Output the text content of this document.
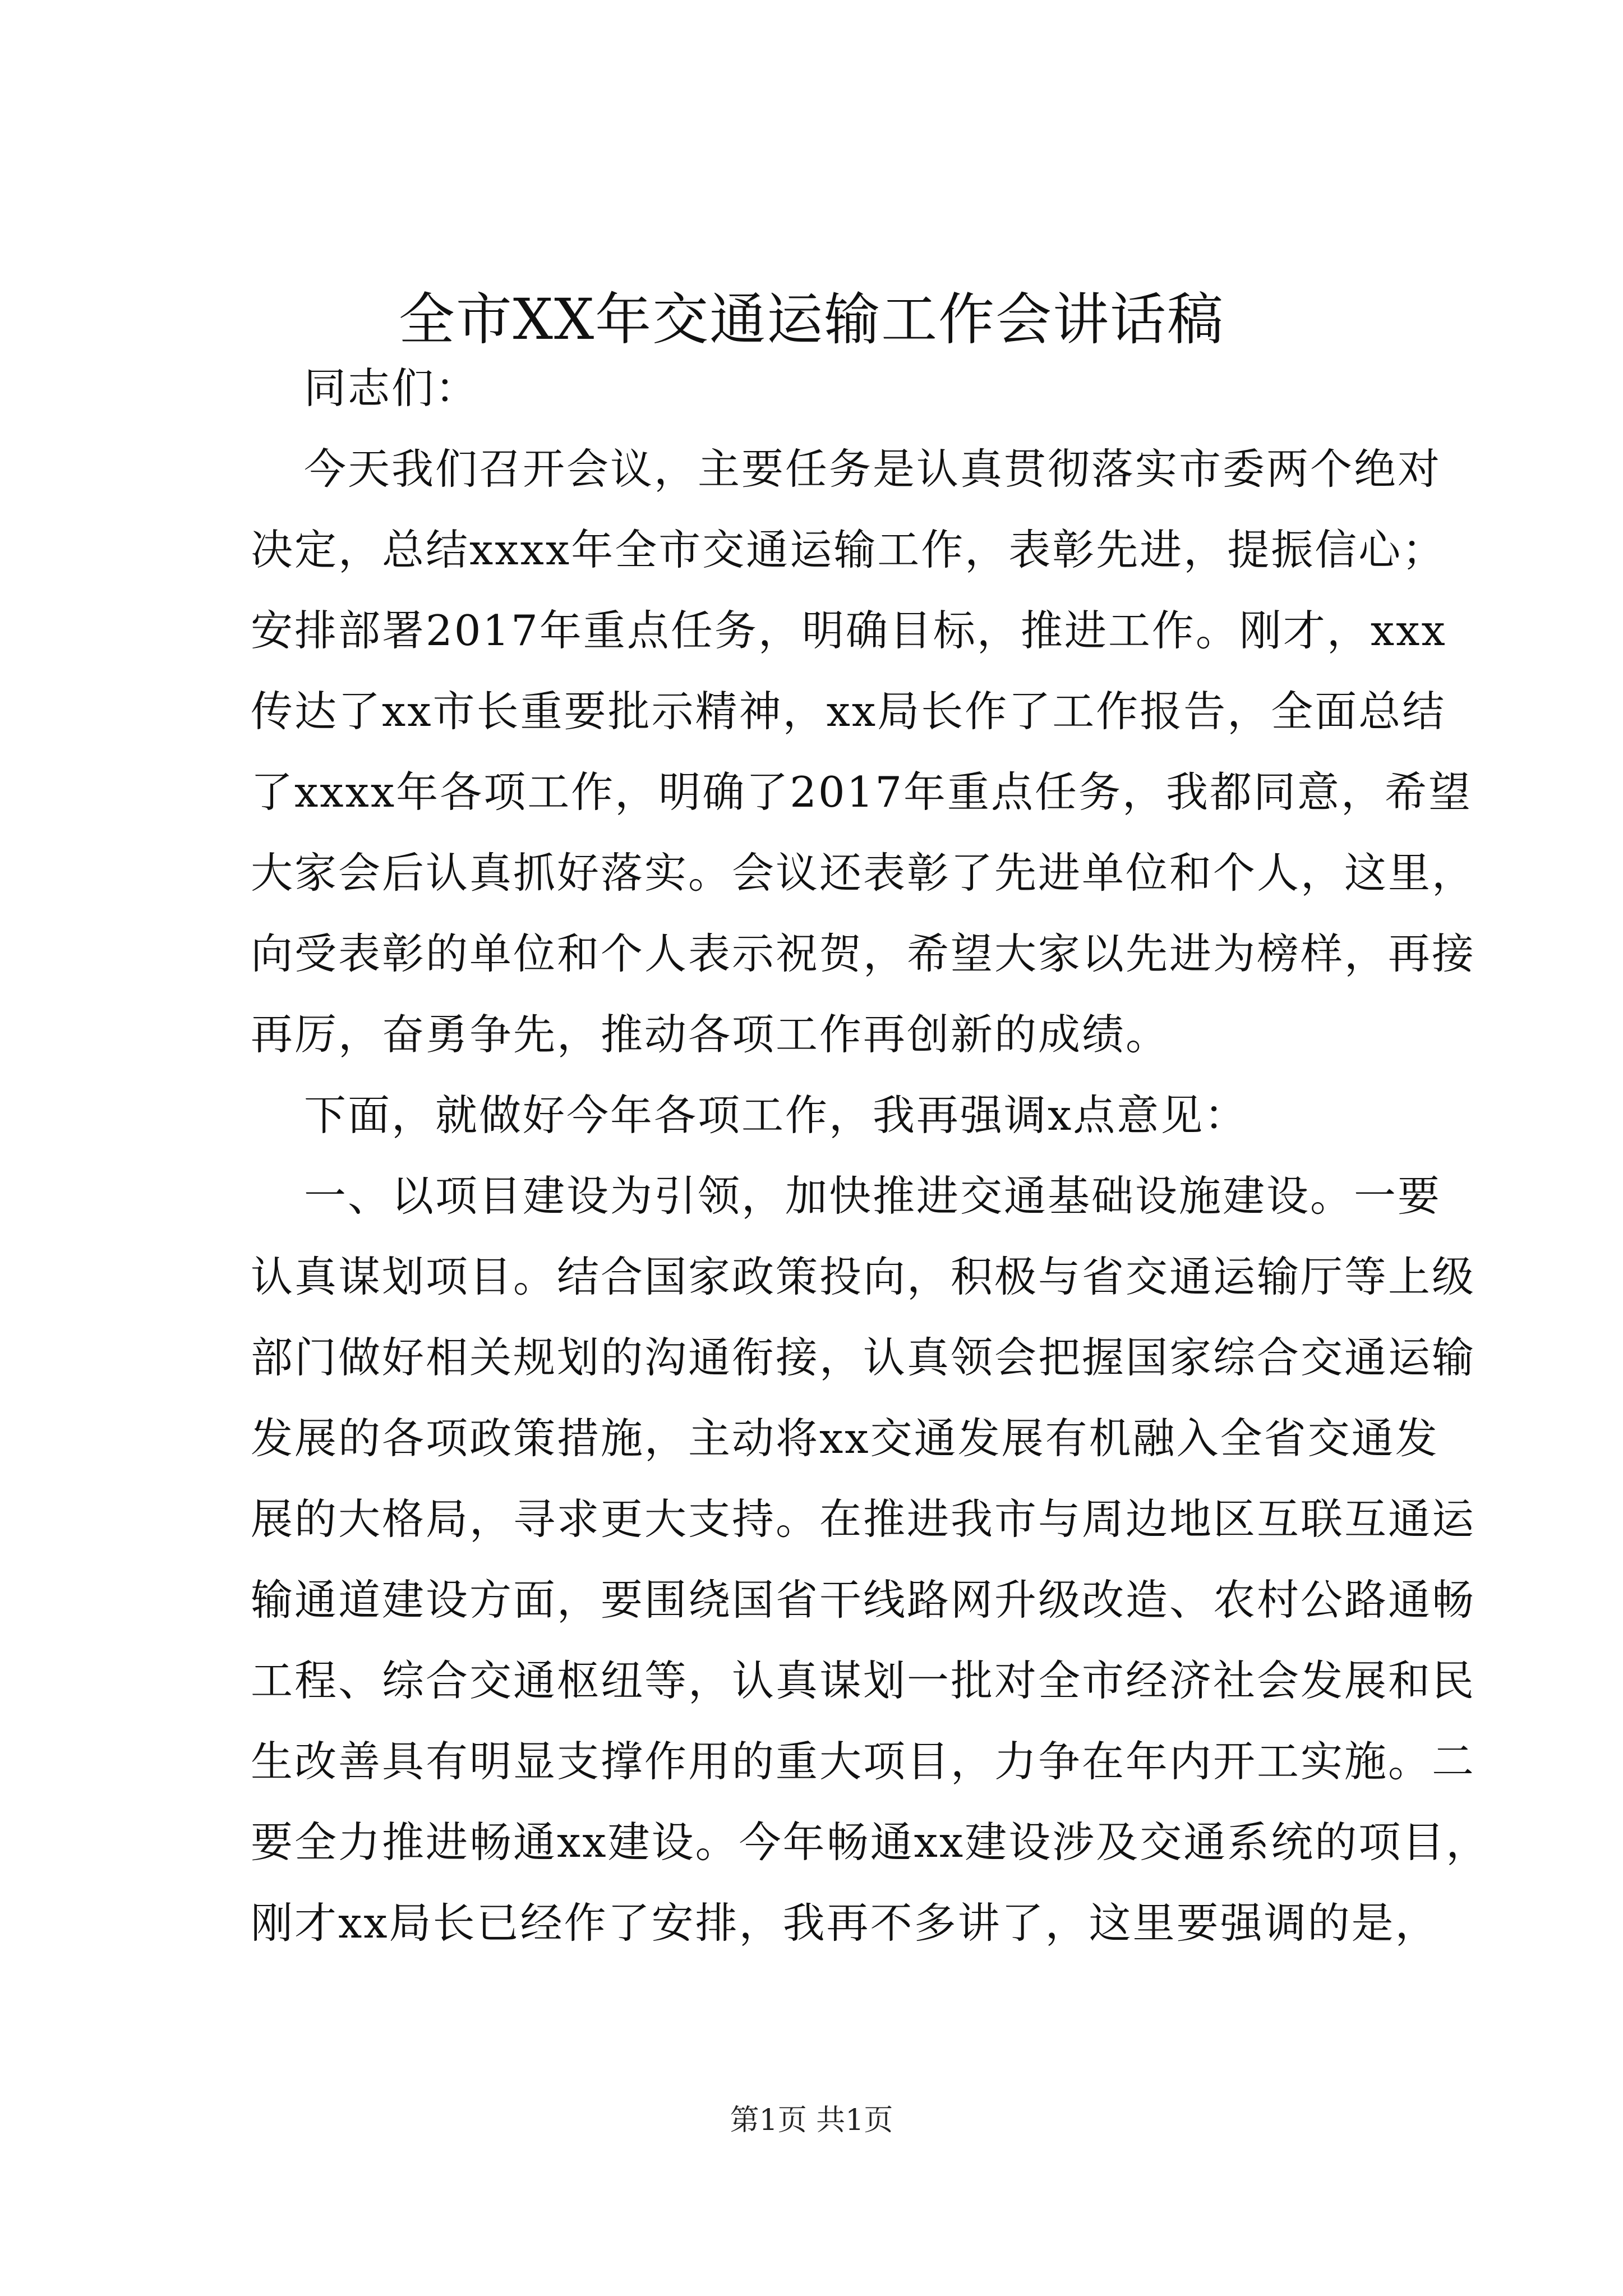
全市XX年交通运输工作会讲话稿
同志们：
今天我们召开会议，主要任务是认真贯彻落实市委两个绝对
决定，总结xxxx年全市交通运输工作，表彰先进，提振信心；
安排部署2017年重点任务，明确目标，推进工作。刚才，xxx
传达了xx市长重要批示精神，xx局长作了工作报告，全面总结
了xxxx年各项工作，明确了2017年重点任务，我都同意，希望
大家会后认真抓好落实。会议还表彰了先进单位和个人，这里，
向受表彰的单位和个人表示祝贺，希望大家以先进为榜样，再接
再厉，奋勇争先，推动各项工作再创新的成绩。
下面，就做好今年各项工作，我再强调x点意见：
一、以项目建设为引领，加快推进交通基础设施建设。一要
认真谋划项目。结合国家政策投向，积极与省交通运输厅等上级
部门做好相关规划的沟通衔接，认真领会把握国家综合交通运输
发展的各项政策措施，主动将xx交通发展有机融入全省交通发
展的大格局，寻求更大支持。在推进我市与周边地区互联互通运
输通道建设方面，要围绕国省干线路网升级改造、农村公路通畅
工程、综合交通枢纽等，认真谋划一批对全市经济社会发展和民
生改善具有明显支撑作用的重大项目，力争在年内开工实施。二
要全力推进畅通xx建设。今年畅通xx建设涉及交通系统的项目，
刚才xx局长已经作了安排，我再不多讲了，这里要强调的是，
第1页 共1页
